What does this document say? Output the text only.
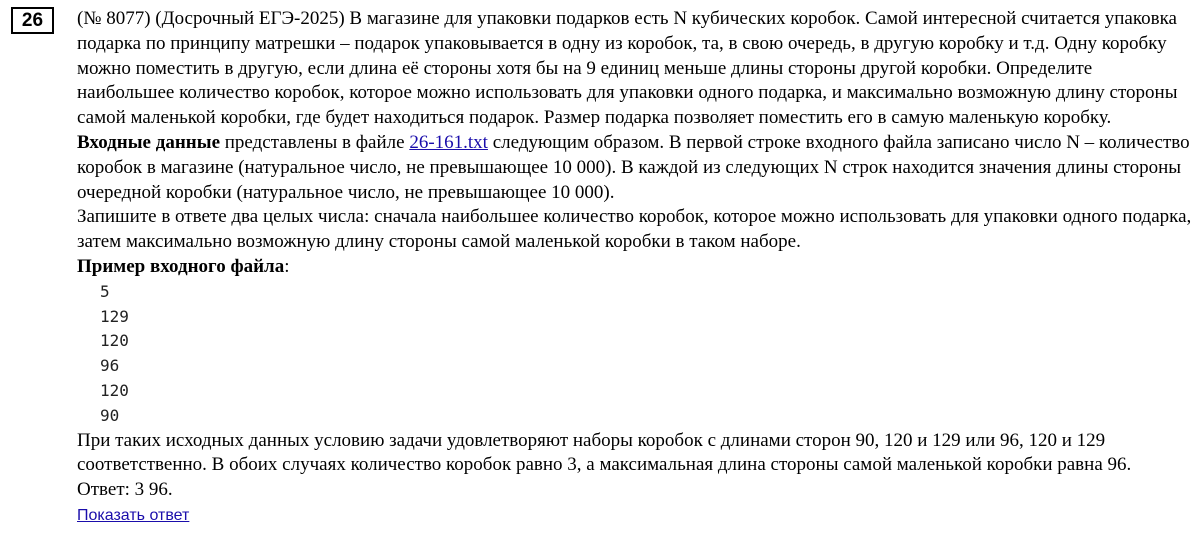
26	(№ 8077) (Досрочный ЕГЭ-2025) В магазине для упаковки подарков есть N кубических коробок. Самой интересной считается упаковка подарка по принципу матрешки – подарок упаковывается в одну из коробок, та, в свою очередь, в другую коробку и т.д. Одну коробку можно поместить в другую, если длина её стороны хотя бы на 9 единиц меньше длины стороны другой коробки. Определите наибольшее количество коробок, которое можно использовать для упаковки одного подарка, и максимально возможную длину стороны самой маленькой коробки, где будет находиться подарок. Размер подарка позволяет поместить его в самую маленькую коробку.

Входные данные представлены в файле 26-161.txt следующим образом. В первой строке входного файла записано число N – количество коробок в магазине (натуральное число, не превышающее 10 000). В каждой из следующих N строк находится значения длины стороны очередной коробки (натуральное число, не превышающее 10 000).

Запишите в ответе два целых числа: сначала наибольшее количество коробок, которое можно использовать для упаковки одного подарка, затем максимально возможную длину стороны самой маленькой коробки в таком наборе.

Пример входного файла:

5
129
120
96
120
90

При таких исходных данных условию задачи удовлетворяют наборы коробок с длинами сторон 90, 120 и 129 или 96, 120 и 129 соответственно. В обоих случаях количество коробок равно 3, а максимальная длина стороны самой маленькой коробки равна 96.

Ответ: 3 96.

Показать ответ
